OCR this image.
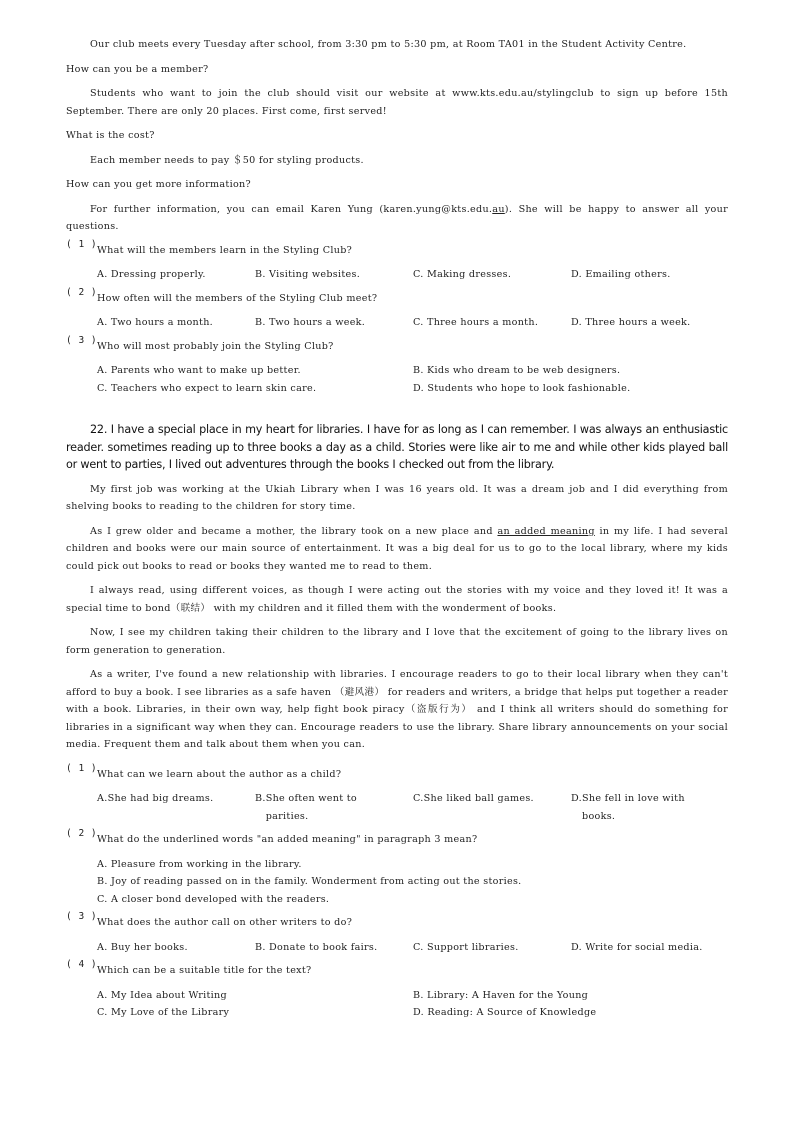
Our club meets every Tuesday after school, from 3:30 pm to 5:30 pm, at Room TA01 in the Student Activity Centre.

How can you be a member?

Students who want to join the club should visit our website at www.kts.edu.au/stylingclub to sign up before 15th September. There are only 20 places. First come, first served!

What is the cost?

Each member needs to pay ＄50 for styling products.

How can you get more information?

For further information, you can email Karen Yung (karen.yung@kts.edu.au). She will be happy to answer all your questions.

( 1 )
What will the members learn in the Styling Club?
A. Dressing properly.	B. Visiting websites.	C. Making dresses.	D. Emailing others.
( 2 )
How often will the members of the Styling Club meet?
A. Two hours a month.	B. Two hours a week.	C. Three hours a month.	D. Three hours a week.
( 3 )
Who will most probably join the Styling Club?
A. Parents who want to make up better.	B. Kids who dream to be web designers.
C. Teachers who expect to learn skin care.	D. Students who hope to look fashionable.

22. I have a special place in my heart for libraries. I have for as long as I can remember. I was always an enthusiastic reader. sometimes reading up to three books a day as a child. Stories were like air to me and while other kids played ball or went to parties, I lived out adventures through the books I checked out from the library.

My first job was working at the Ukiah Library when I was 16 years old. It was a dream job and I did everything from shelving books to reading to the children for story time.

As I grew older and became a mother, the library took on a new place and an added meaning in my life. I had several children and books were our main source of entertainment. It was a big deal for us to go to the local library, where my kids could pick out books to read or books they wanted me to read to them.

I always read, using different voices, as though I were acting out the stories with my voice and they loved it! It was a special time to bond（联结） with my children and it filled them with the wonderment of books.

Now, I see my children taking their children to the library and I love that the excitement of going to the library lives on form generation to generation.

As a writer, I've found a new relationship with libraries. I encourage readers to go to their local library when they can't afford to buy a book. I see libraries as a safe haven （避风港） for readers and writers, a bridge that helps put together a reader with a book. Libraries, in their own way, help fight book piracy（盗版行为） and I think all writers should do something for libraries in a significant way when they can. Encourage readers to use the library. Share library announcements on your social media. Frequent them and talk about them when you can.

( 1 )
What can we learn about the author as a child?
A. She had big dreams.	B. She often went to parities.
C. She liked ball games.	D. She fell in love with books.
( 2 )
What do the underlined words "an added meaning" in paragraph 3 mean?
A. Pleasure from working in the library.
B. Joy of reading passed on in the family. Wonderment from acting out the stories.
C. A closer bond developed with the readers.
( 3 )
What does the author call on other writers to do?
A. Buy her books.	B. Donate to book fairs.	C. Support libraries.	D. Write for social media.
( 4 )
Which can be a suitable title for the text?
A. My Idea about Writing	B. Library: A Haven for the Young
C. My Love of the Library	D. Reading: A Source of Knowledge
